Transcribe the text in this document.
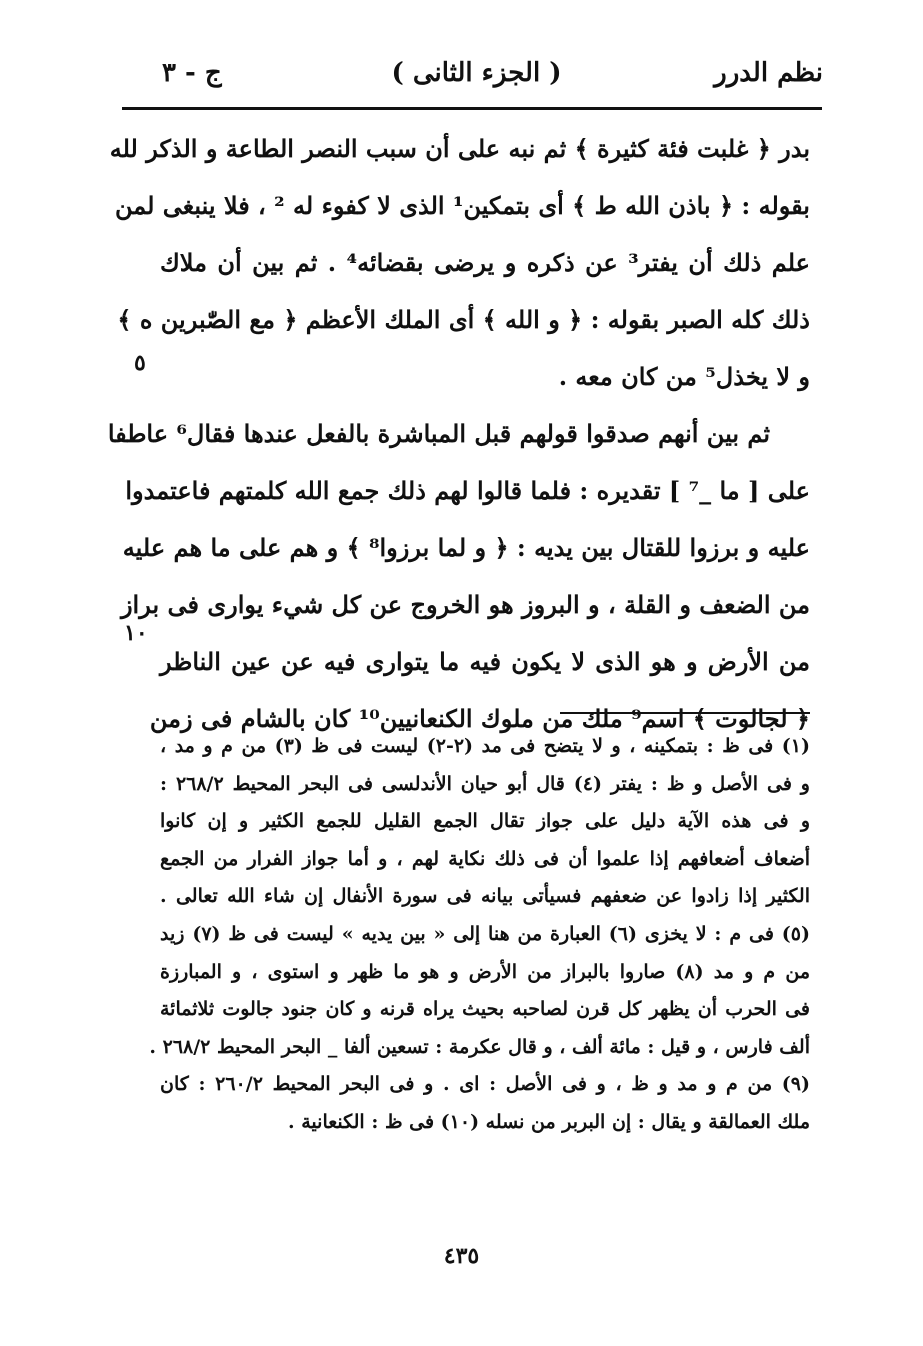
نظم الدرر
( الجزء الثانى )
ج - ٣
بدر ﴿ غلبت فئة كثيرة ﴾ ثم نبه على أن سبب النصر الطاعة و الذكر لله
بقوله : ﴿ باذن الله ط ﴾ أى بتمكين¹ الذى لا كفوء له ² ، فلا ينبغى لمن
علم ذلك أن يفتر³ عن ذكره و يرضى بقضائه⁴ . ثم بين أن ملاك
ذلك كله الصبر بقوله : ﴿ و الله ﴾ أى الملك الأعظم ﴿ مع الصّٰبرين ه ﴾
و لا يخذل⁵ من كان معه .
ثم بين أنهم صدقوا قولهم قبل المباشرة بالفعل عندها فقال⁶ عاطفا
على [ ما _⁷ ] تقديره : فلما قالوا لهم ذلك جمع الله كلمتهم فاعتمدوا
عليه و برزوا للقتال بين يديه : ﴿ و لما برزوا⁸ ﴾ و هم على ما هم عليه
من الضعف و القلة ، و البروز هو الخروج عن كل شيء يوارى فى براز
من الأرض و هو الذى لا يكون فيه ما يتوارى فيه عن عين الناظر
﴿ لجالوت ﴾ اسم⁹ ملك من ملوك الكنعانيين¹⁰ كان بالشام فى زمن
٥
١٠
(١) فى ظ : بتمكينه ، و لا يتضح فى مد (٢-٢) ليست فى ظ (٣) من م و مد ،
و فى الأصل و ظ : يفتر (٤) قال أبو حيان الأندلسى فى البحر المحيط ٢٦٨/٢ :
و فى هذه الآية دليل على جواز تقال الجمع القليل للجمع الكثير و إن كانوا
أضعاف أضعافهم إذا علموا أن فى ذلك نكاية لهم ، و أما جواز الفرار من الجمع
الكثير إذا زادوا عن ضعفهم فسيأتى بيانه فى سورة الأنفال إن شاء الله تعالى .
(٥) فى م : لا يخزى (٦) العبارة من هنا إلى « بين يديه » ليست فى ظ (٧) زيد
من م و مد (٨) صاروا بالبراز من الأرض و هو ما ظهر و استوى ، و المبارزة
فى الحرب أن يظهر كل قرن لصاحبه بحيث يراه قرنه و كان جنود جالوت ثلاثمائة
ألف فارس ، و قيل : مائة ألف ، و قال عكرمة : تسعين ألفا _ البحر المحيط ٢٦٨/٢ .
(٩) من م و مد و ظ ، و فى الأصل : اى . و فى البحر المحيط ٢٦٠/٢ : كان
ملك العمالقة و يقال : إن البربر من نسله (١٠) فى ظ : الكنعانية .
٤٣٥
